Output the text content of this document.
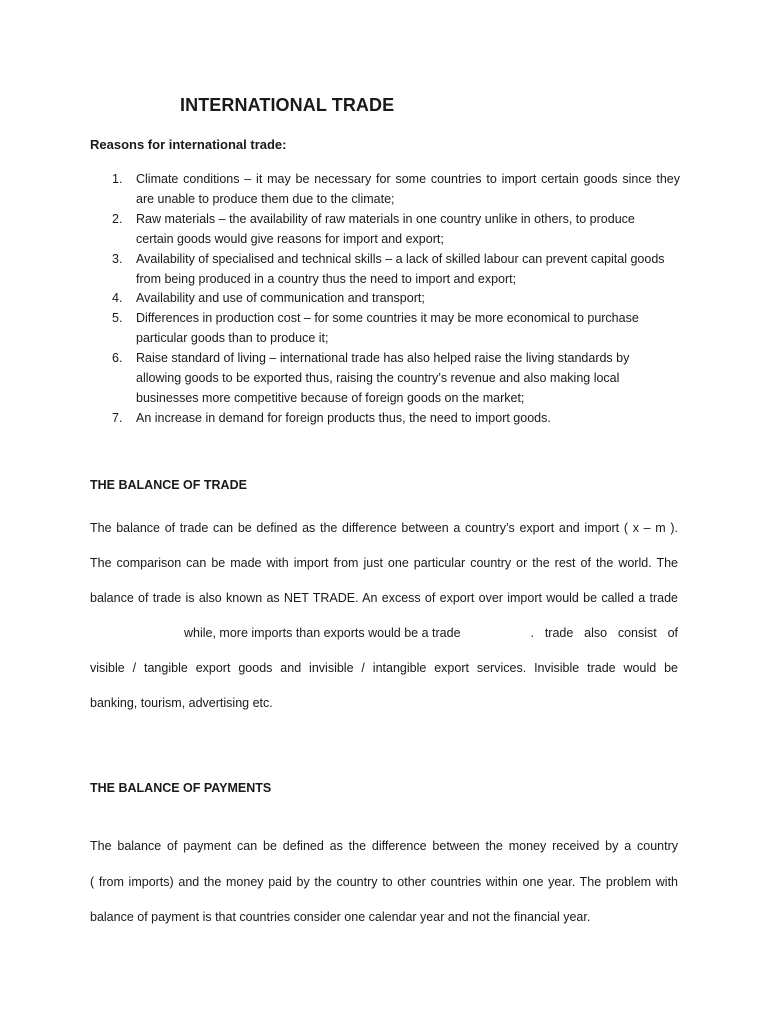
INTERNATIONAL TRADE
Reasons for international trade:
1. Climate conditions – it may be necessary for some countries to import certain goods since they
are unable to produce them due to the climate;
2. Raw materials – the availability of raw materials in one country unlike in others, to produce
certain goods would give reasons for import and export;
3. Availability of specialised and technical skills – a lack of skilled labour can prevent capital goods
from being produced in a country thus the need to import and export;
4. Availability and use of communication and transport;
5. Differences in production cost – for some countries it may be more economical to purchase
particular goods than to produce it;
6. Raise standard of living – international trade has also helped raise the living standards by
allowing goods to be exported thus, raising the country’s revenue and also making local
businesses more competitive because of foreign goods on the market;
7. An increase in demand for foreign products thus, the need to import goods.
THE BALANCE OF TRADE
The balance of trade can be defined as the difference between a country’s export and import ( x – m ).
The comparison can be made with import from just one particular country or the rest of the world. The
balance of trade is also known as NET TRADE. An excess of export over import would be called a trade
while, more imports than exports would be a trade	. trade also consist of
visible / tangible export goods and invisible / intangible export services. Invisible trade would be
banking, tourism, advertising etc.
THE BALANCE OF PAYMENTS
The balance of payment can be defined as the difference between the money received by a country
( from imports) and the money paid by the country to other countries within one year. The problem with
balance of payment is that countries consider one calendar year and not the financial year.
